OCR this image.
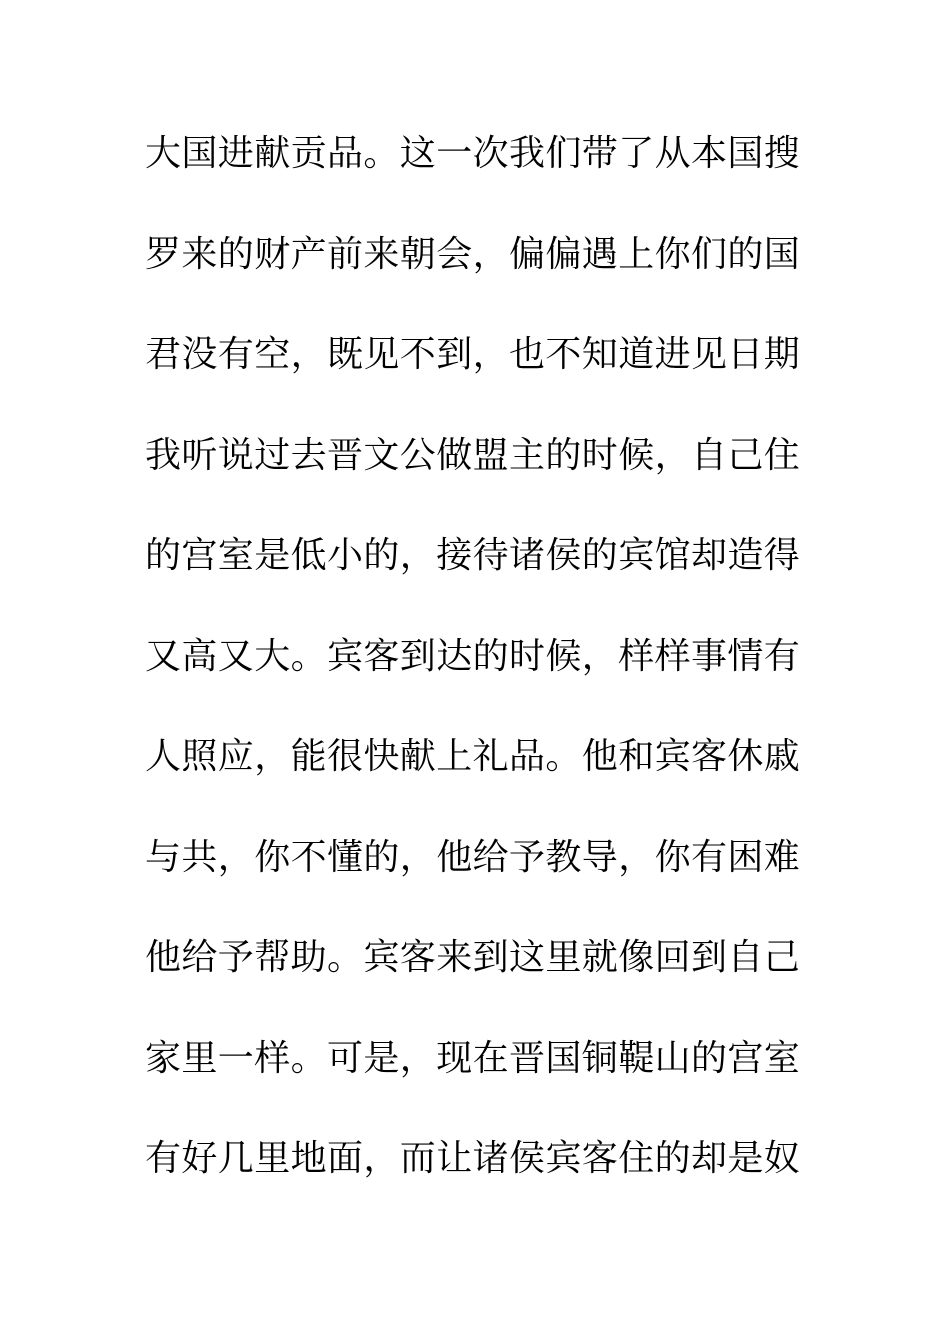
大国进献贡品。这一次我们带了从本国搜
罗来的财产前来朝会，偏偏遇上你们的国
君没有空，既见不到，也不知道进见日期
我听说过去晋文公做盟主的时候，自己住
的宫室是低小的，接待诸侯的宾馆却造得
又高又大。宾客到达的时候，样样事情有
人照应，能很快献上礼品。他和宾客休戚
与共，你不懂的，他给予教导，你有困难
他给予帮助。宾客来到这里就像回到自己
家里一样。可是，现在晋国铜鞮山的宫室
有好几里地面，而让诸侯宾客住的却是奴
